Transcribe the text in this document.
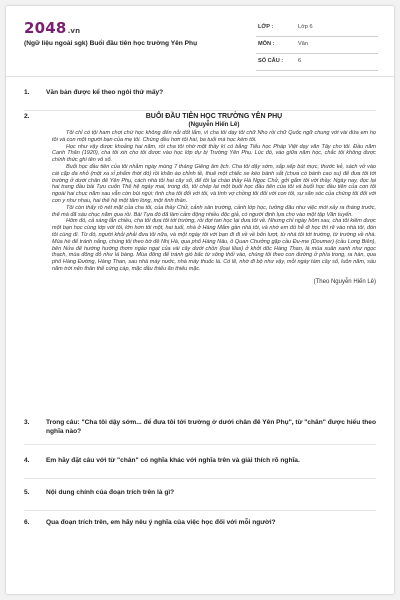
2048.vn
(Ngữ liệu ngoài sgk) Buổi đầu tiên học trường Yên Phụ
LỚP :	Lớp 6
MÔN :	Văn
SỐ CÂU :	6
1.	Văn bản được kể theo ngôi thứ mấy?
2.	BUỔI ĐẦU TIÊN HỌC TRƯỜNG YÊN PHỤ
(Nguyễn Hiến Lê)

Tôi chỉ có tội ham chơi chứ học không đến nỗi dốt lắm, vì cha tôi dạy tôi chữ Nho rồi chữ Quốc ngữ chung với vài đứa em họ tôi và con một người bạn của mẹ tôi. Chúng đều hơn tôi hai, ba tuổi mà học kém tôi.

Học như vậy được khoảng hai năm, rồi cha tôi nhờ một thầy kí có bằng Tiểu học Pháp Việt dạy văn Tây cho tôi. Đầu năm Canh Thân (1920), cha tôi xin cho tôi được vào học lớp dự bị Trường Yên Phụ. Lúc đó, vào giữa năm học, chắc tôi không được chính thức ghi tên vô sổ.

Buổi học đầu tiên của tôi nhằm ngày mùng 7 tháng Giêng âm lịch. Cha tôi dậy sớm, sắp xếp bút mực, thước kẻ, sách vở vào cái cặp da nhỏ (một xa xỉ phẩm thời đó) rồi khăn áo chỉnh tề, thuê một chiếc xe kéo bánh sắt (chưa có bánh cao su) để đưa tôi tới trường ở dưới chân đê Yên Phụ, cách nhà tôi hai cây số, để tôi lại chào thầy Hà Ngọc Chử, gởi gắm tôi với thầy. Ngày nay, đọc lại hai trang đầu bài Tựu cuốn Thế hệ ngày mai, trong đó, tôi chép lại một buổi học đầu tiên của tôi và buổi học đầu tiên của con tôi ngoài hai chục năm sau vẫn còn bùi ngùi: tình cha tôi đối với tôi, và tình vợ chồng tôi đối với con tôi, sự săn sóc của chúng tôi đối với con y như nhau, hai thế hệ một tấm lòng, một tình thần.

Tôi còn thấy rõ nét mặt của cha tôi, của thầy Chử, cảnh sân trường, cảnh lớp học, tưởng đâu như việc mới xảy ra tháng trước, thế mà đã sáu chục năm qua rồi. Bài Tựa đó đã làm cảm động nhiều độc giả, có người định lựa cho vào một tập Văn tuyển.

Hôm đó, cả sáng lẫn chiều, cha tôi đưa tôi tới trường, rồi đợi tan học lại đưa tôi về. Nhưng chỉ ngày hôm sau, cha tôi kiếm được một bạn học cùng lớp với tôi, lớn hơn tôi một, hai tuổi, nhà ở Hàng Mắm gần nhà tôi, và nhờ em đó hễ đi học thì rẽ vào nhà tôi, đón tôi cùng đi. Từ đó, người khỏi phải đưa tôi nữa, và một ngày tôi với bạn đi đi về về bốn lượt, từ nhà tôi tới trường, từ trường về nhà. Mùa hè để tránh nắng, chúng tôi theo bờ đê Nhị Hà, qua phố Hàng Nâu, ô Quan Chưởng gặp cầu Đu-me (Doumer) (cầu Long Biên), bên Nửa để hướng hướng thơm ngào ngạt của vài cây dưới chồn (loại lilas) ở khởi dốc Hàng Than, là mùa xuân xanh như ngọc thạch, mùa đông đỏ như lá bàng. Mùa đông để tránh gió bấc từ sông thổi vào, chúng tôi theo con đường ở phía trong, ra hàn, qua phố Hàng Đường, Hàng Than, sau nhà máy nước, nhà máy thuốc lá. Có lẽ, nhờ đi bộ như vậy, mỗi ngày tám cây số, luôn năm, sáu năm trời nên thân thể cứng cáp, mặc dầu thiếu ăn thiếu mặc.

(Theo Nguyễn Hiến Lê)
3.	Trong câu: "Cha tôi dậy sớm... để đưa tôi tới trường ở dưới chân đê Yên Phụ", từ "chân" được hiểu theo nghĩa nào?
4.	Em hãy đặt câu với từ "chân" có nghĩa khác với nghĩa trên và giải thích rõ nghĩa.
5.	Nội dung chính của đoạn trích trên là gì?
6.	Qua đoạn trích trên, em hãy nêu ý nghĩa của việc học đối với mỗi người?
